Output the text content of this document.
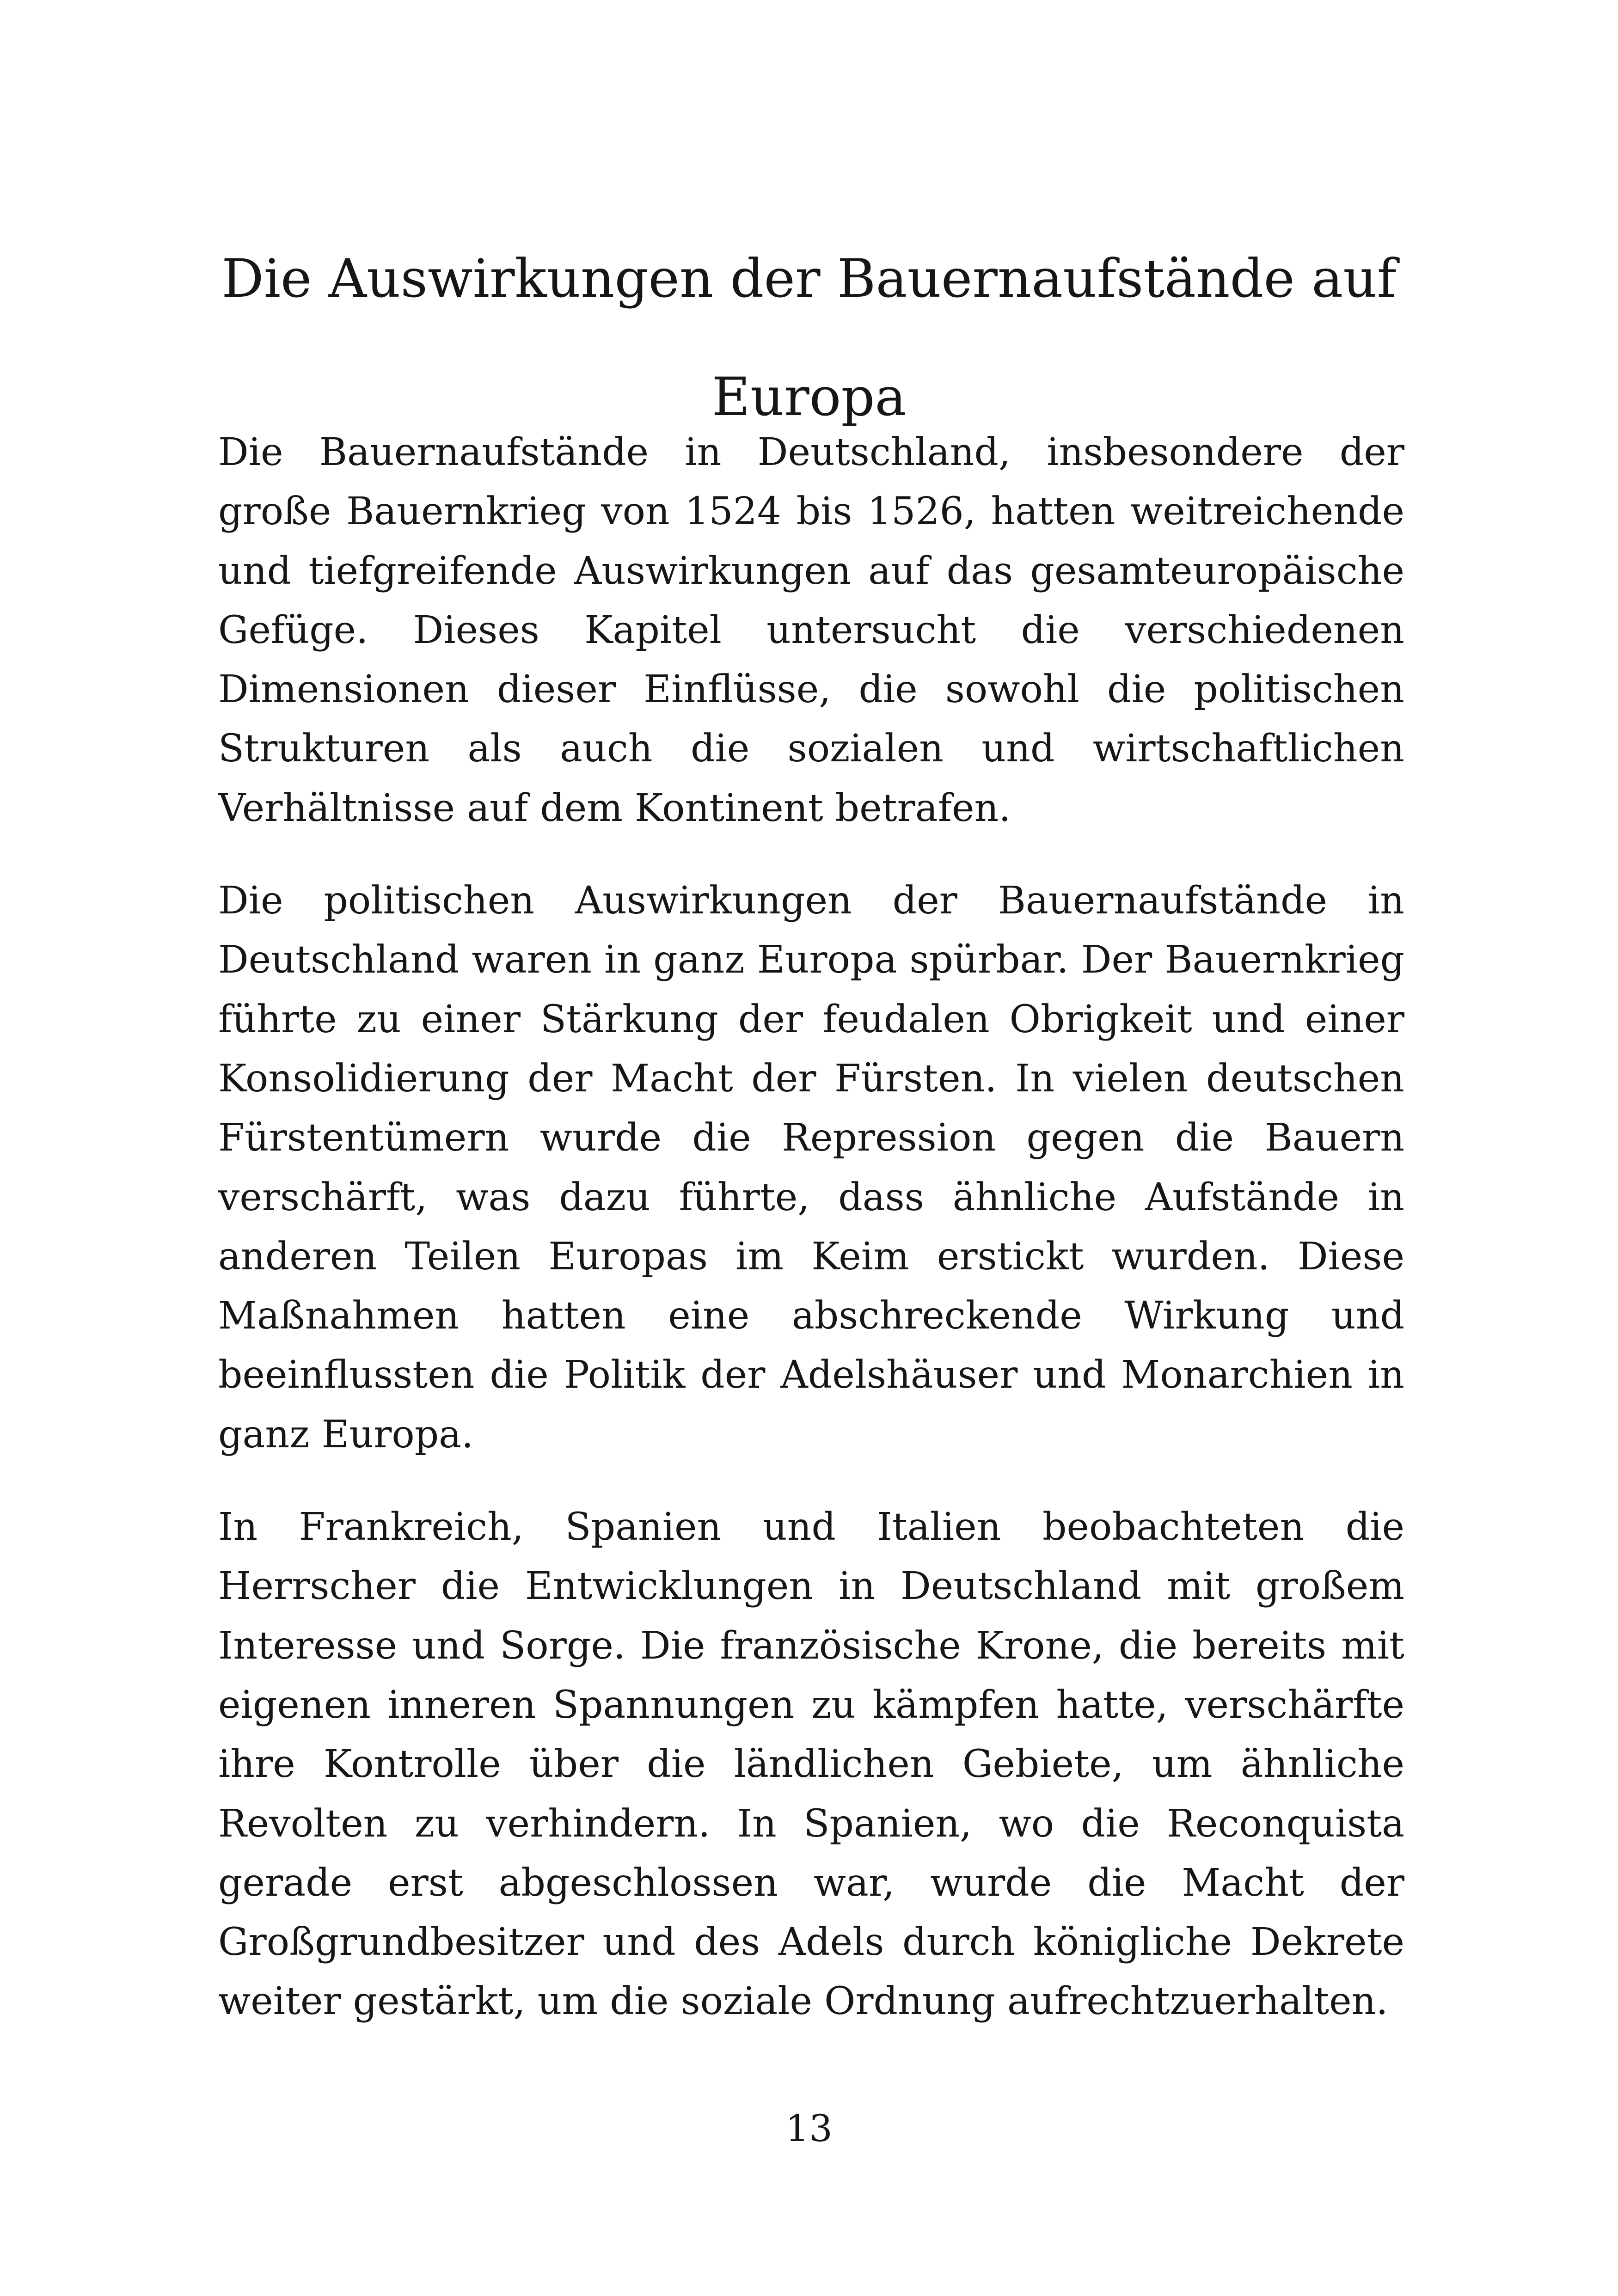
Die Auswirkungen der Bauernaufstände auf Europa

Die Bauernaufstände in Deutschland, insbesondere der große Bauernkrieg von 1524 bis 1526, hatten weitreichende und tiefgreifende Auswirkungen auf das gesamteuropäische Gefüge. Dieses Kapitel untersucht die verschiedenen Dimensionen dieser Einflüsse, die sowohl die politischen Strukturen als auch die sozialen und wirtschaftlichen Verhältnisse auf dem Kontinent betrafen.

Die politischen Auswirkungen der Bauernaufstände in Deutschland waren in ganz Europa spürbar. Der Bauernkrieg führte zu einer Stärkung der feudalen Obrigkeit und einer Konsolidierung der Macht der Fürsten. In vielen deutschen Fürstentümern wurde die Repression gegen die Bauern verschärft, was dazu führte, dass ähnliche Aufstände in anderen Teilen Europas im Keim erstickt wurden. Diese Maßnahmen hatten eine abschreckende Wirkung und beeinflussten die Politik der Adelshäuser und Monarchien in ganz Europa.

In Frankreich, Spanien und Italien beobachteten die Herrscher die Entwicklungen in Deutschland mit großem Interesse und Sorge. Die französische Krone, die bereits mit eigenen inneren Spannungen zu kämpfen hatte, verschärfte ihre Kontrolle über die ländlichen Gebiete, um ähnliche Revolten zu verhindern. In Spanien, wo die Reconquista gerade erst abgeschlossen war, wurde die Macht der Großgrundbesitzer und des Adels durch königliche Dekrete weiter gestärkt, um die soziale Ordnung aufrechtzuerhalten.

13
